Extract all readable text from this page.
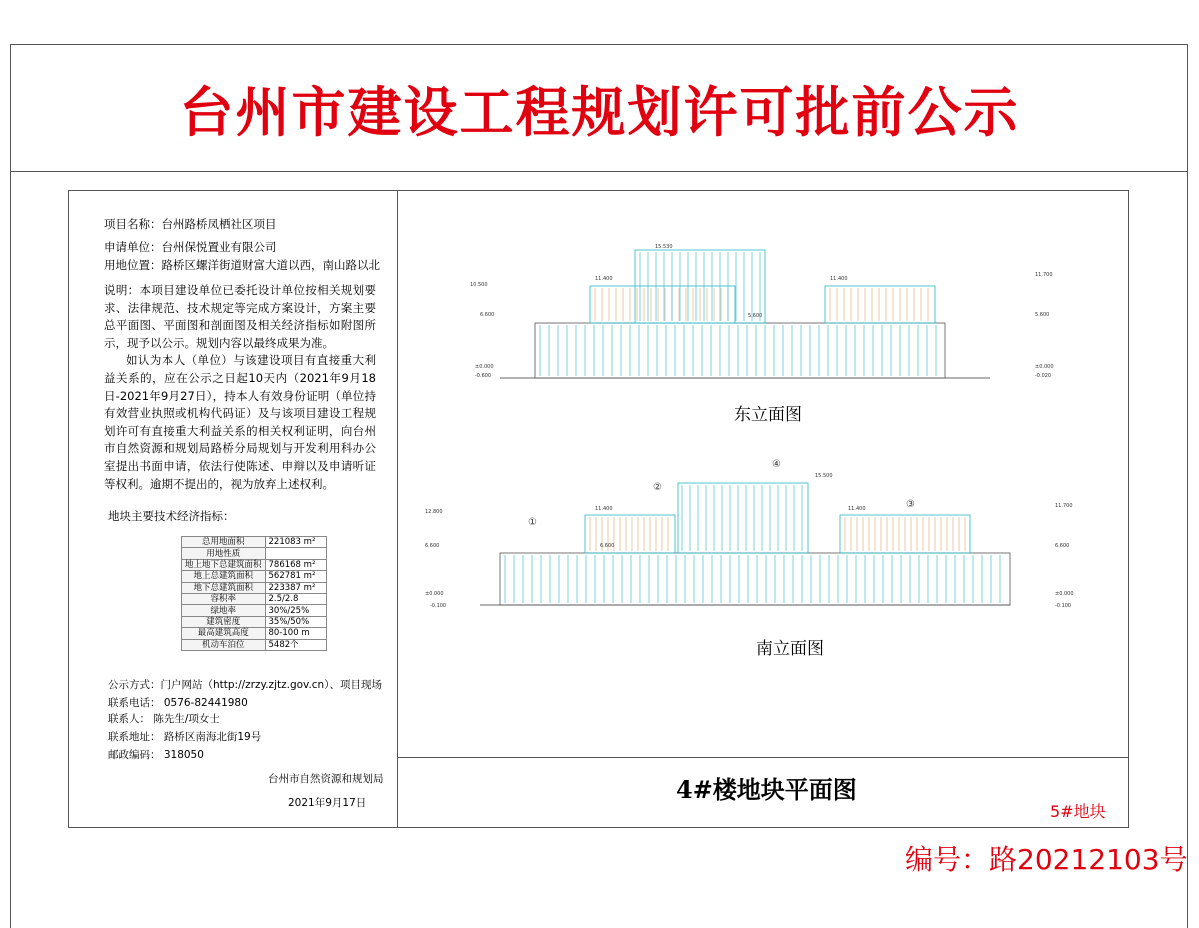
台州市建设工程规划许可批前公示
项目名称：台州路桥凤栖社区项目
申请单位：台州保悦置业有限公司
用地位置：路桥区螺洋街道财富大道以西，南山路以北

说明：本项目建设单位已委托设计单位按相关规划要求、法律规范、技术规定等完成方案设计，方案主要总平面图、平面图和剖面图及相关经济指标如附图所示，现予以公示。规划内容以最终成果为准。

如认为本人（单位）与该建设项目有直接重大利益关系的，应在公示之日起10天内（2021年9月18日-2021年9月27日），持本人有效身份证明（单位持有效营业执照或机构代码证）及与该项目建设工程规划许可有直接重大利益关系的相关权利证明，向台州市自然资源和规划局路桥分局规划与开发利用科办公室提出书面申请，依法行使陈述、申辩以及申请听证等权利。逾期不提出的，视为放弃上述权利。

地块主要技术经济指标：
总用地面积	221083 m²
用地性质	
地上地下总建筑面积	786168 m²
地上总建筑面积	562781 m²
地下总建筑面积	223387 m²
容积率	2.5/2.8
绿地率	30%/25%
建筑密度	35%/50%
最高建筑高度	80-100 m
机动车泊位	5482个
公示方式：门户网站（http://zrzy.zjtz.gov.cn）、项目现场
联系电话： 0576-82441980
联系人： 陈先生/项女士
联系地址： 路桥区南海北街19号
邮政编码： 318050
台州市自然资源和规划局
2021年9月17日
10.500
6.600
±0.000
-0.600
15.530
11.400	11.400
5.600
11.700
5.600
±0.000
-0.020
东立面图
12.800
6.600
±0.000
-0.100
15.500
11.400	11.400
6.600
11.700
6.600
±0.000
-0.100
①
②
③
④
南立面图
4#楼地块平面图
5#地块
编号：路20212103号
